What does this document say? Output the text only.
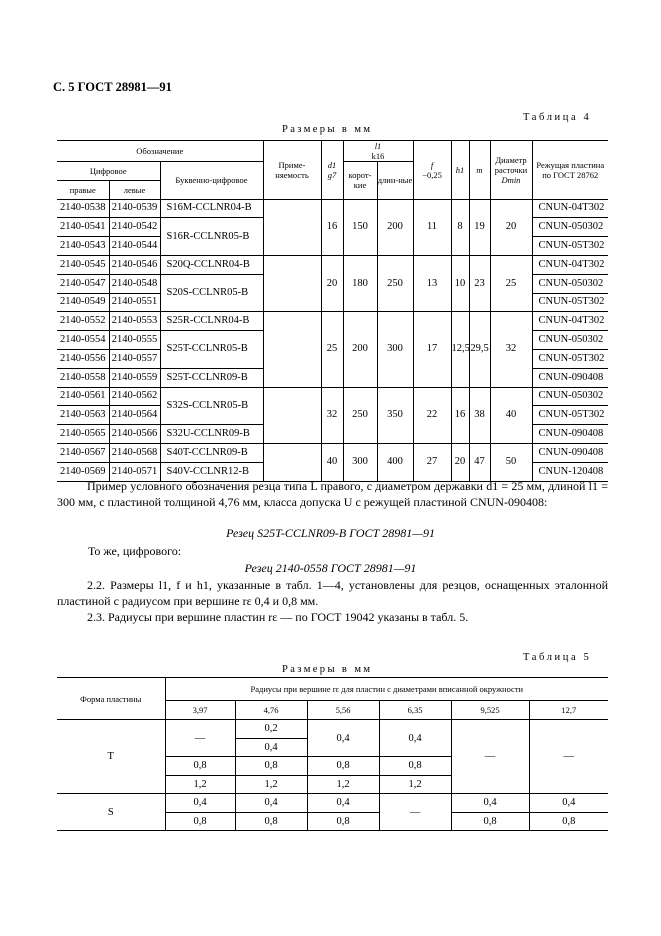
С. 5 ГОСТ 28981—91
Таблица 4
Размеры в мм
Обозначение			Приме-няемость	d1
g7	l1
k16		f
−0,25	h1	m	Диаметр расточки
Dmin	Режущая пластина по ГОСТ 28762
Цифровое		Буквенно-цифровое			корот-кие	длин-ные					
правые	левые										
2140-0538	2140-0539	S16M-CCLNR04-B		16	150	200	11	8	19	20	CNUN-04T302
2140-0541	2140-0542	S16R-CCLNR05-B									CNUN-050302
2140-0543	2140-0544										CNUN-05T302
2140-0545	2140-0546	S20Q-CCLNR04-B		20	180	250	13	10	23	25	CNUN-04T302
2140-0547	2140-0548	S20S-CCLNR05-B									CNUN-050302
2140-0549	2140-0551										CNUN-05T302
2140-0552	2140-0553	S25R-CCLNR04-B		25	200	300	17	12,5	29,5	32	CNUN-04T302
2140-0554	2140-0555	S25T-CCLNR05-B									CNUN-050302
2140-0556	2140-0557										CNUN-05T302
2140-0558	2140-0559	S25T-CCLNR09-B									CNUN-090408
2140-0561	2140-0562	S32S-CCLNR05-B		32	250	350	22	16	38	40	CNUN-050302
2140-0563	2140-0564										CNUN-05T302
2140-0565	2140-0566	S32U-CCLNR09-B									CNUN-090408
2140-0567	2140-0568	S40T-CCLNR09-B		40	300	400	27	20	47	50	CNUN-090408
2140-0569	2140-0571	S40V-CCLNR12-B									CNUN-120408
Пример условного обозначения резца типа L правого, с диаметром державки d1 = 25 мм, длиной l1 = 300 мм, с пластиной толщиной 4,76 мм, класса допуска U с режущей пластиной CNUN-090408:
Резец S25T-CCLNR09-B ГОСТ 28981—91
То же, цифрового:
Резец 2140-0558 ГОСТ 28981—91
2.2. Размеры l1, f и h1, указанные в табл. 1—4, установлены для резцов, оснащенных эталонной пластиной с радиусом при вершине rε 0,4 и 0,8 мм.
2.3. Радиусы при вершине пластин rε — по ГОСТ 19042 указаны в табл. 5.
Таблица 5
Размеры в мм
Форма пластины	Радиусы при вершине rε для пластин с диаметрами вписанной окружности					
	3,97	4,76	5,56	6,35	9,525	12,7
T	—	0,2	0,4	0,4	—	—
		0,4				
	0,8	0,8	0,8	0,8		
	1,2	1,2	1,2	1,2		
S	0,4	0,4	0,4	—	0,4	0,4
	0,8	0,8	0,8		0,8	0,8
